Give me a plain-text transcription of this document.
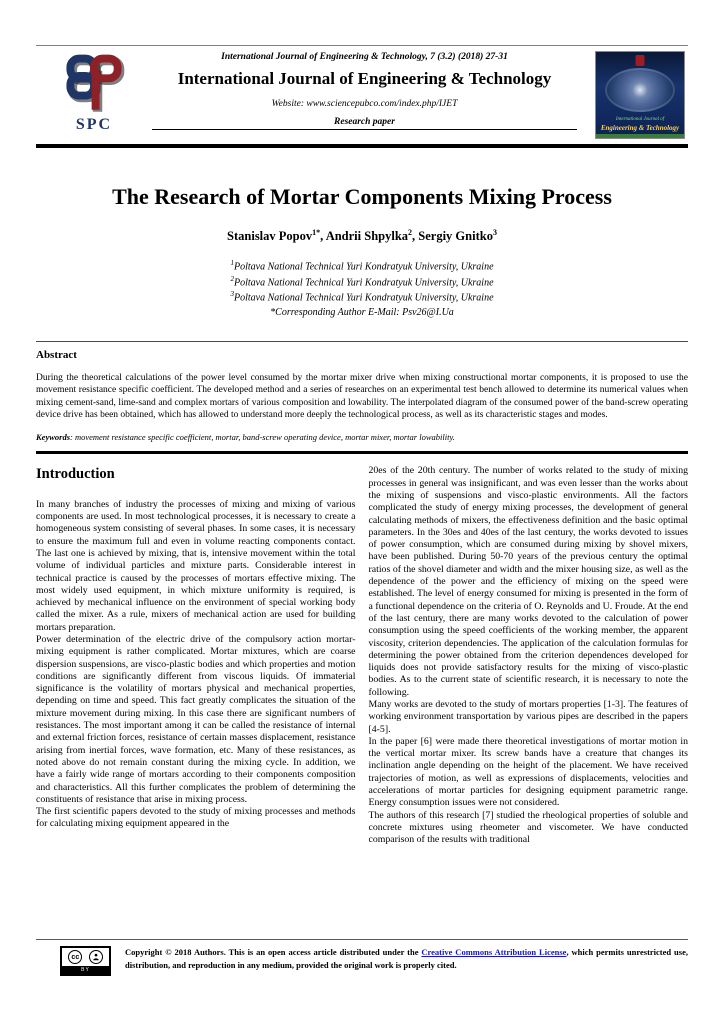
SPC
International Journal of Engineering & Technology, 7 (3.2) (2018) 27-31
International Journal of Engineering & Technology
Website: www.sciencepubco.com/index.php/IJET
Research paper	International Journal of
Engineering & Technology
The Research of Mortar Components Mixing Process
Stanislav Popov$^{1*}$, Andrii Shpylka$^2$, Sergiy Gnitko$^3$
$^1$Poltava National Technical Yuri Kondratyuk University, Ukraine
$^2$Poltava National Technical Yuri Kondratyuk University, Ukraine
$^3$Poltava National Technical Yuri Kondratyuk University, Ukraine
*Corresponding Author E-Mail: Psv26@I.Ua
Abstract
During the theoretical calculations of the power level consumed by the mortar mixer drive when mixing constructional mortar components, it is proposed to use the movement resistance specific coefficient. The developed method and a series of researches on an experimental test bench allowed to determine its numerical values when mixing cement-sand, lime-sand and complex mortars of various composition and lowability. The interpolated diagram of the consumed power of the band-screw operating device drive has been obtained, which has allowed to understand more deeply the technological process, as well as its characteristic stages and modes.
Keywords: movement resistance specific coefficient, mortar, band-screw operating device, mortar mixer, mortar lowability.
Introduction

In many branches of industry the processes of mixing and mixing of various components are used. In most technological processes, it is necessary to create a homogeneous system consisting of several phases. In some cases, it is necessary to ensure the maximum full and even in volume reacting components contact. The last one is achieved by mixing, that is, intensive movement within the total volume of individual particles and mixture parts. Considerable interest in technical practice is caused by the processes of mortars effective mixing. The most widely used equipment, in which mixture uniformity is required, is achieved by mechanical influence on the environment of special working body called the mixer. As a rule, mixers of mechanical action are used for building mortars preparation.

Power determination of the electric drive of the compulsory action mortar-mixing equipment is rather complicated. Mortar mixtures, which are coarse dispersion suspensions, are visco-plastic bodies and which properties and motion conditions are significantly different from viscous liquids. Of immaterial significance is the volatility of mortars physical and mechanical properties, depending on time and speed. This fact greatly complicates the situation of the mixture movement during mixing. In this case there are significant numbers of resistances. The most important among it can be called the resistance of internal and external friction forces, resistance of certain masses displacement, resistance arising from inertial forces, wave formation, etc. Many of these resistances, as noted above do not remain constant during the mixing cycle. In addition, we have a fairly wide range of mortars according to their components composition and characteristics. All this further complicates the problem of determining the constituents of resistance that arise in mixing process.

The first scientific papers devoted to the study of mixing processes and methods for calculating mixing equipment appeared in the

20es of the 20th century. The number of works related to the study of mixing processes in general was insignificant, and was even lesser than the works about the mixing of suspensions and visco-plastic environments. All the factors complicated the study of energy mixing processes, the development of general calculating methods of mixers, the effectiveness definition and the basic optimal parameters. In the 30es and 40es of the last century, the works devoted to issues of power consumption, which are consumed during mixing by shovel mixers, have been published. During 50-70 years of the previous century the optimal ratios of the shovel diameter and width and the mixer housing size, as well as the dependence of the power and the efficiency of mixing on the speed were established. The level of energy consumed for mixing is presented in the form of a functional dependence on the criteria of O. Reynolds and U. Froude. At the end of the last century, there are many works devoted to the calculation of power consumption using the speed coefficients of the working member, the apparent viscosity, criterion dependencies. The application of the calculation formulas for determining the power obtained from the criterion dependences developed for liquids does not provide satisfactory results for the mixing of visco-plastic bodies. As to the current state of scientific research, it is necessary to note the following.

Many works are devoted to the study of mortars properties [1-3]. The features of working environment transportation by various pipes are described in the papers [4-5].

In the paper [6] were made there theoretical investigations of mortar motion in the vertical mortar mixer. Its screw bands have a creature that changes its inclination angle depending on the height of the placement. We have received trajectories of motion, as well as expressions of displacements, velocities and accelerations of mortar particles for designing equipment parametric range. Energy consumption issues were not considered.

The authors of this research [7] studied the rheological properties of soluble and concrete mixtures using rheometer and viscometer. We have conducted comparison of the results with traditional

cc
BY
Copyright © 2018 Authors. This is an open access article distributed under the Creative Commons Attribution License, which permits unrestricted use, distribution, and reproduction in any medium, provided the original work is properly cited.
